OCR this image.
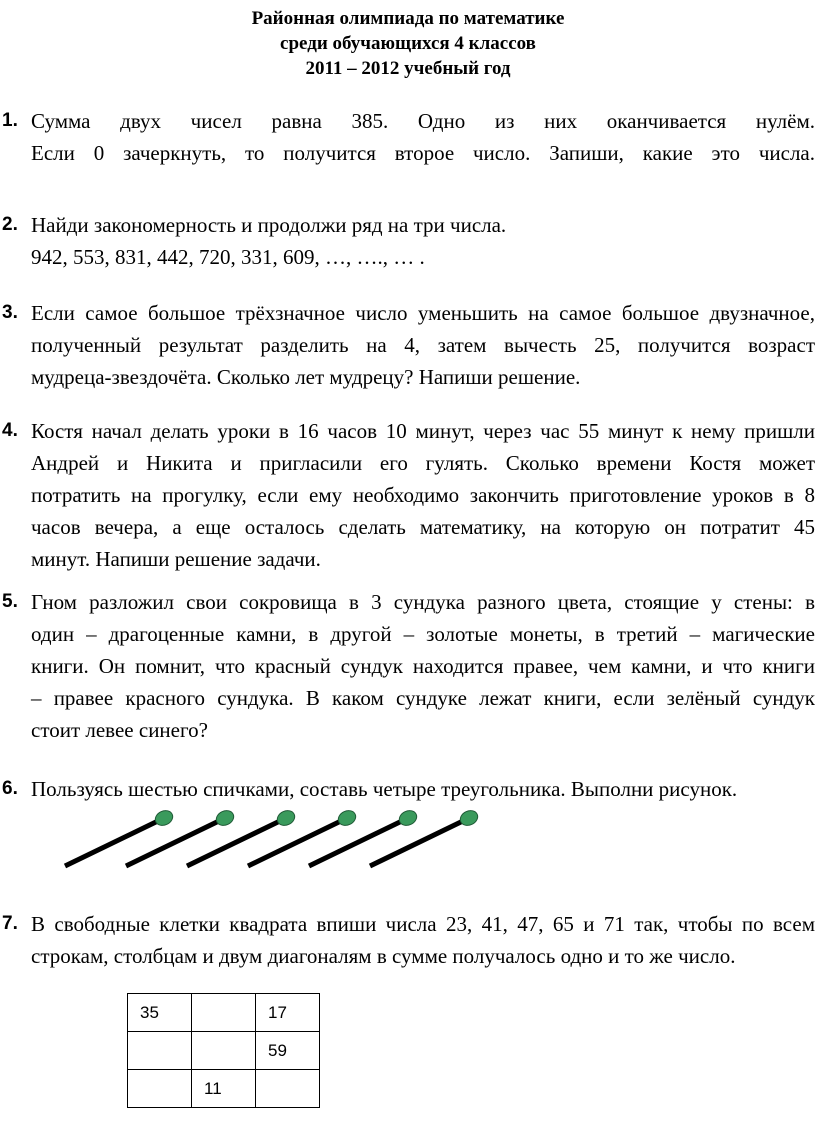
Районная олимпиада по математике
среди обучающихся 4 классов
2011 – 2012 учебный год
1. Сумма двух чисел равна 385. Одно из них оканчивается нулём.
Если 0 зачеркнуть, то получится второе число. Запиши, какие это числа.
2. Найди закономерность и продолжи ряд на три числа.
942, 553, 831, 442, 720, 331, 609, …, …., … .
3. Если самое большое трёхзначное число уменьшить на самое большое двузначное,
полученный результат разделить на 4, затем вычесть 25, получится возраст
мудреца-звездочёта. Сколько лет мудрецу? Напиши решение.
4. Костя начал делать уроки в 16 часов 10 минут, через час 55 минут к нему пришли
Андрей и Никита и пригласили его гулять. Сколько времени Костя может
потратить на прогулку, если ему необходимо закончить приготовление уроков в 8
часов вечера, а еще осталось сделать математику, на которую он потратит 45
минут. Напиши решение задачи.
5. Гном разложил свои сокровища в 3 сундука разного цвета, стоящие у стены: в
один – драгоценные камни, в другой – золотые монеты, в третий – магические
книги. Он помнит, что красный сундук находится правее, чем камни, и что книги
– правее красного сундука. В каком сундуке лежат книги, если зелёный сундук
стоит левее синего?
6. Пользуясь шестью спичками, составь четыре треугольника. Выполни рисунок.
7. В свободные клетки квадрата впиши числа 23, 41, 47, 65 и 71 так, чтобы по всем
строкам, столбцам и двум диагоналям в сумме получалось одно и то же число.
35		17
		59
	11	
